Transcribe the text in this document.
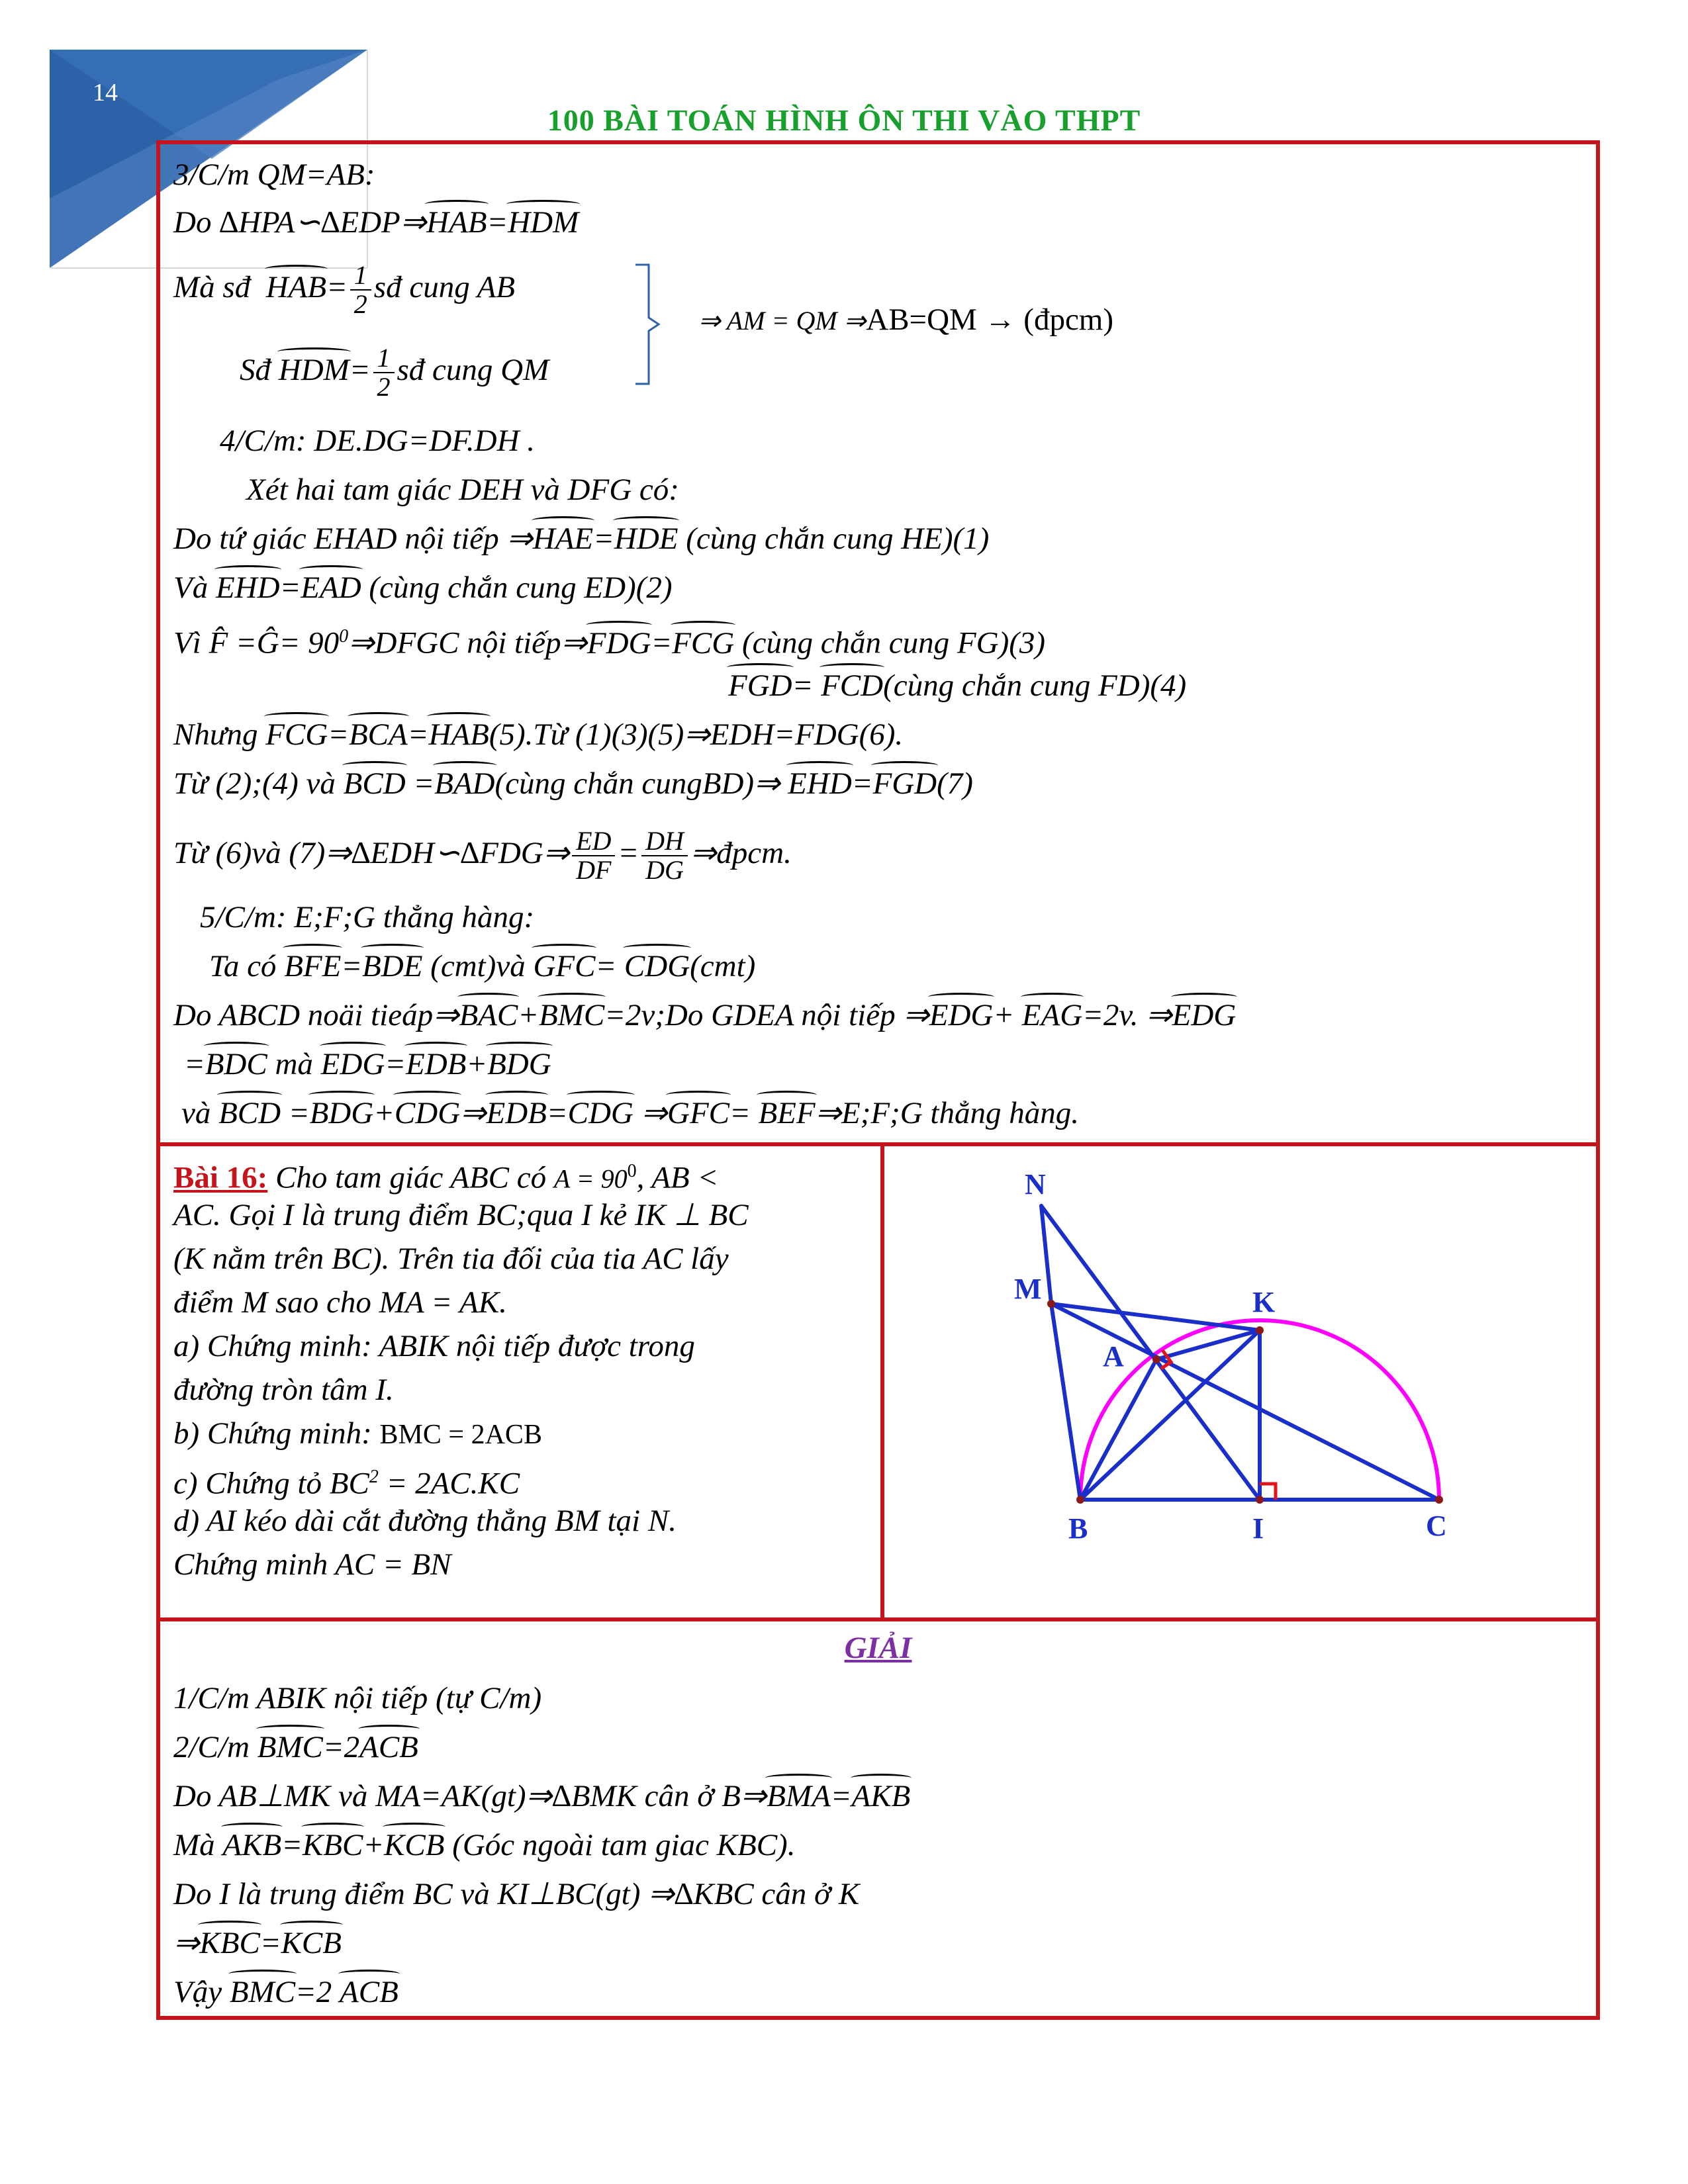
14
100 BÀI TOÁN HÌNH ÔN THI VÀO THPT
3/C/m QM=AB:
Do ∆HPA∽∆EDP⇒HAB=HDM
Mà sđ $HAB= \frac{1}{2}$ sđ cung AB
Sđ $HDM= \frac{1}{2}$ sđ cung QM
⇒ AM = QM ⇒AB=QM → (đpcm)
4/C/m: DE.DG=DF.DH .
Xét hai tam giác DEH và DFG có:
Do tứ giác EHAD nội tiếp ⇒HAE=HDE (cùng chắn cung HE)(1)
Và EHD=EAD (cùng chắn cung ED)(2)
Vì F̂ =Ĝ= $90^0\Rightarrow DFGC$ nội tiếp⇒FDG=FCG (cùng chắn cung FG)(3)
FGD= FCD(cùng chắn cung FD)(4)
Nhưng FCG=BCA=HAB(5).Từ (1)(3)(5)⇒EDH=FDG(6).
Từ (2);(4) và BCD =BAD(cùng chắn cungBD)⇒ EHD=FGD(7)
Từ (6)và (7)⇒∆EDH∽∆FDG⇒ $\frac{ED}{DF} = \frac{DH}{DG}$ ⇒đpcm.
5/C/m: E;F;G thẳng hàng:
Ta có BFE=BDE (cmt)và GFC= CDG(cmt)
Do ABCD noäi tieáp⇒BAC+BMC=2v;Do GDEA nội tiếp ⇒EDG+ EAG=2v. ⇒EDG
=BDC mà EDG=EDB+BDG
và BCD =BDG+CDG⇒EDB=CDG ⇒GFC= BEF⇒E;F;G thẳng hàng.
Bài 16: Cho tam giác ABC có $A = 90^0$, AB <
AC. Gọi I là trung điểm BC;qua I kẻ IK ⊥ BC
(K nằm trên BC). Trên tia đối của tia AC lấy
điểm M sao cho MA = AK.
a) Chứng minh: ABIK nội tiếp được trong
đường tròn tâm I.
b) Chứng minh: BMC = 2ACB
c) Chứng tỏ $BC^2 = 2AC.KC$
d) AI kéo dài cắt đường thẳng BM tại N.
Chứng minh AC = BN
N
M	K
A
B	I	C
GIẢI
1/C/m ABIK nội tiếp (tự C/m)
2/C/m BMC=2ACB
Do AB⊥MK và MA=AK(gt)⇒∆BMK cân ở B⇒BMA=AKB
Mà AKB=KBC+KCB (Góc ngoài tam giac KBC).
Do I là trung điểm BC và KI⊥BC(gt) ⇒∆KBC cân ở K
⇒KBC=KCB
Vậy BMC=2 ACB
